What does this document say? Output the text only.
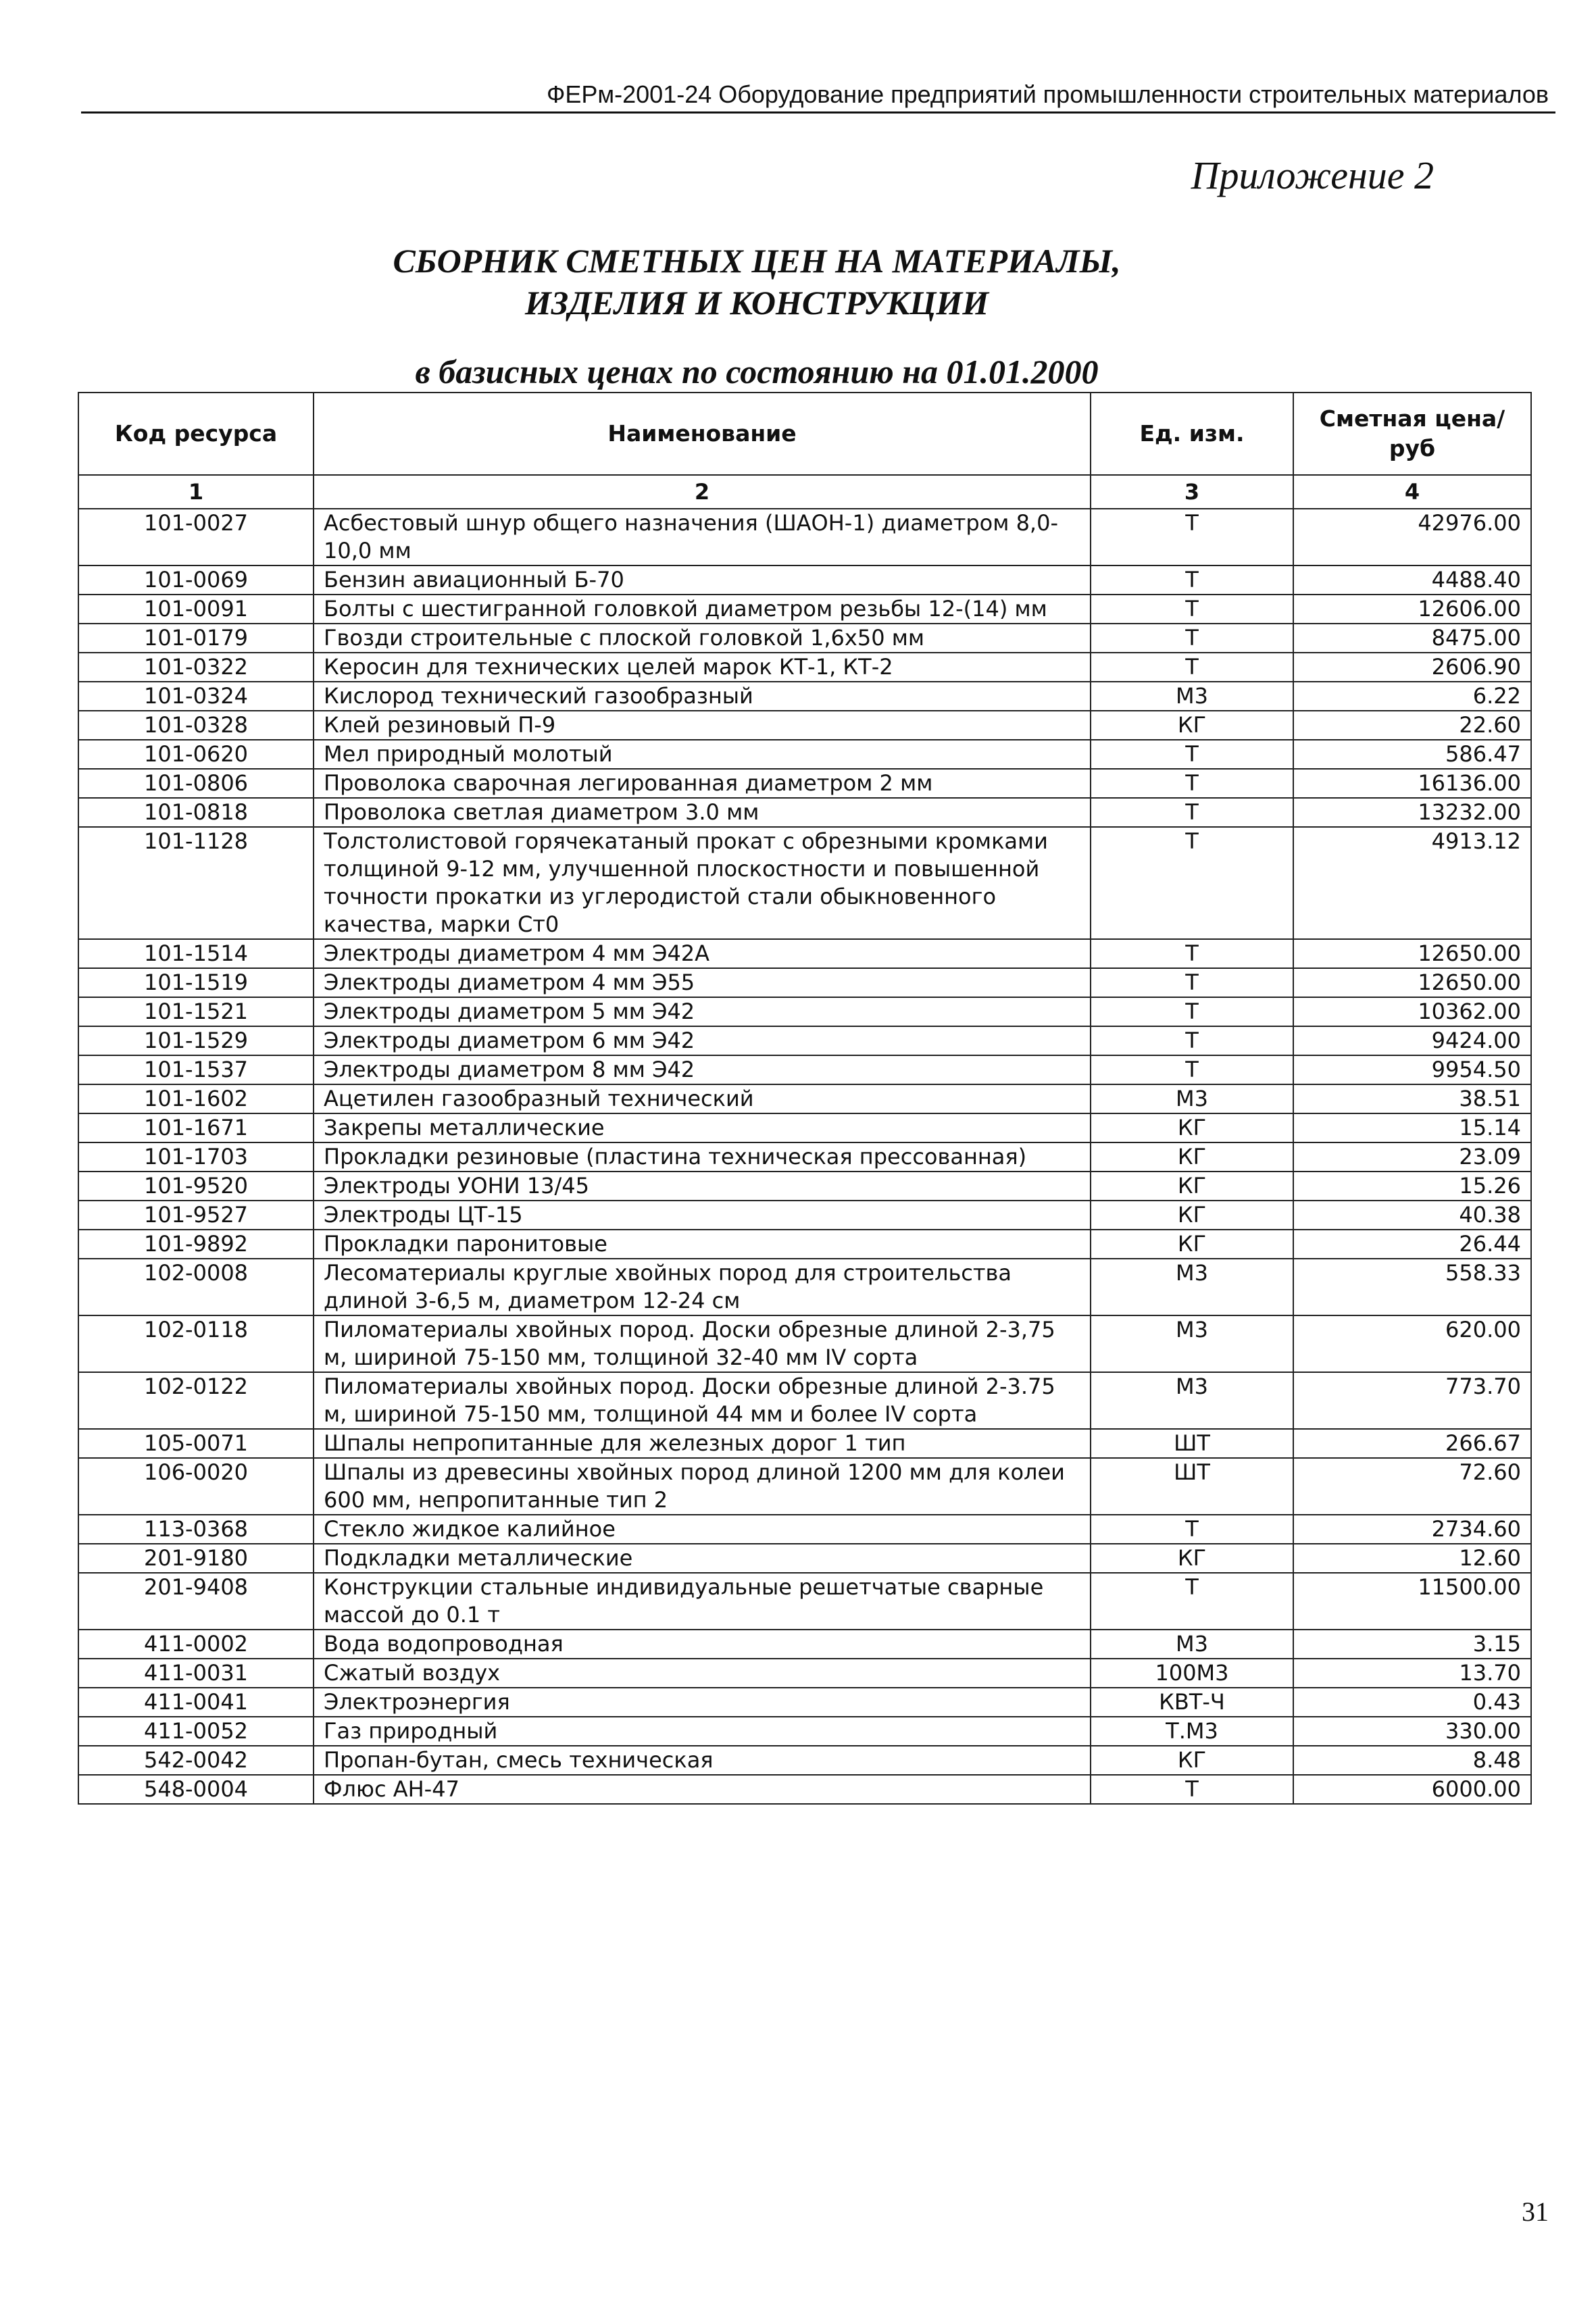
ФЕРм-2001-24 Оборудование предприятий промышленности строительных материалов
Приложение 2
СБОРНИК СМЕТНЫХ ЦЕН НА МАТЕРИАЛЫ,
ИЗДЕЛИЯ И КОНСТРУКЦИИ
в базисных ценах по состоянию на 01.01.2000
Код ресурса	Наименование	Ед. изм.	Сметная цена/руб
1	2	3	4
101-0027	Асбестовый шнур общего назначения (ШАОН-1) диаметром 8,0-10,0 мм	Т	42976.00
101-0069	Бензин авиационный Б-70	Т	4488.40
101-0091	Болты с шестигранной головкой диаметром резьбы 12-(14) мм	Т	12606.00
101-0179	Гвозди строительные с плоской головкой 1,6х50 мм	Т	8475.00
101-0322	Керосин для технических целей марок КТ-1, КТ-2	Т	2606.90
101-0324	Кислород технический газообразный	М3	6.22
101-0328	Клей резиновый П-9	КГ	22.60
101-0620	Мел природный молотый	Т	586.47
101-0806	Проволока сварочная легированная диаметром 2 мм	Т	16136.00
101-0818	Проволока светлая диаметром 3.0 мм	Т	13232.00
101-1128	Толстолистовой горячекатаный прокат с обрезными кромками толщиной 9-12 мм, улучшенной плоскостности и повышенной точности прокатки из углеродистой стали обыкновенного качества, марки Ст0	Т	4913.12
101-1514	Электроды диаметром 4 мм Э42А	Т	12650.00
101-1519	Электроды диаметром 4 мм Э55	Т	12650.00
101-1521	Электроды диаметром 5 мм Э42	Т	10362.00
101-1529	Электроды диаметром 6 мм Э42	Т	9424.00
101-1537	Электроды диаметром 8 мм Э42	Т	9954.50
101-1602	Ацетилен газообразный технический	М3	38.51
101-1671	Закрепы металлические	КГ	15.14
101-1703	Прокладки резиновые (пластина техническая прессованная)	КГ	23.09
101-9520	Электроды УОНИ 13/45	КГ	15.26
101-9527	Электроды ЦТ-15	КГ	40.38
101-9892	Прокладки паронитовые	КГ	26.44
102-0008	Лесоматериалы круглые хвойных пород для строительства длиной 3-6,5 м, диаметром 12-24 см	М3	558.33
102-0118	Пиломатериалы хвойных пород. Доски обрезные длиной 2-3,75 м, шириной 75-150 мм, толщиной 32-40 мм IV сорта	М3	620.00
102-0122	Пиломатериалы хвойных пород. Доски обрезные длиной 2-3.75 м, шириной 75-150 мм, толщиной 44 мм и более IV сорта	М3	773.70
105-0071	Шпалы непропитанные для железных дорог 1 тип	ШТ	266.67
106-0020	Шпалы из древесины хвойных пород длиной 1200 мм для колеи 600 мм, непропитанные тип 2	ШТ	72.60
113-0368	Стекло жидкое калийное	Т	2734.60
201-9180	Подкладки металлические	КГ	12.60
201-9408	Конструкции стальные индивидуальные решетчатые сварные массой до 0.1 т	Т	11500.00
411-0002	Вода водопроводная	М3	3.15
411-0031	Сжатый воздух	100М3	13.70
411-0041	Электроэнергия	КВТ-Ч	0.43
411-0052	Газ природный	Т.М3	330.00
542-0042	Пропан-бутан, смесь техническая	КГ	8.48
548-0004	Флюс АН-47	Т	6000.00
31
